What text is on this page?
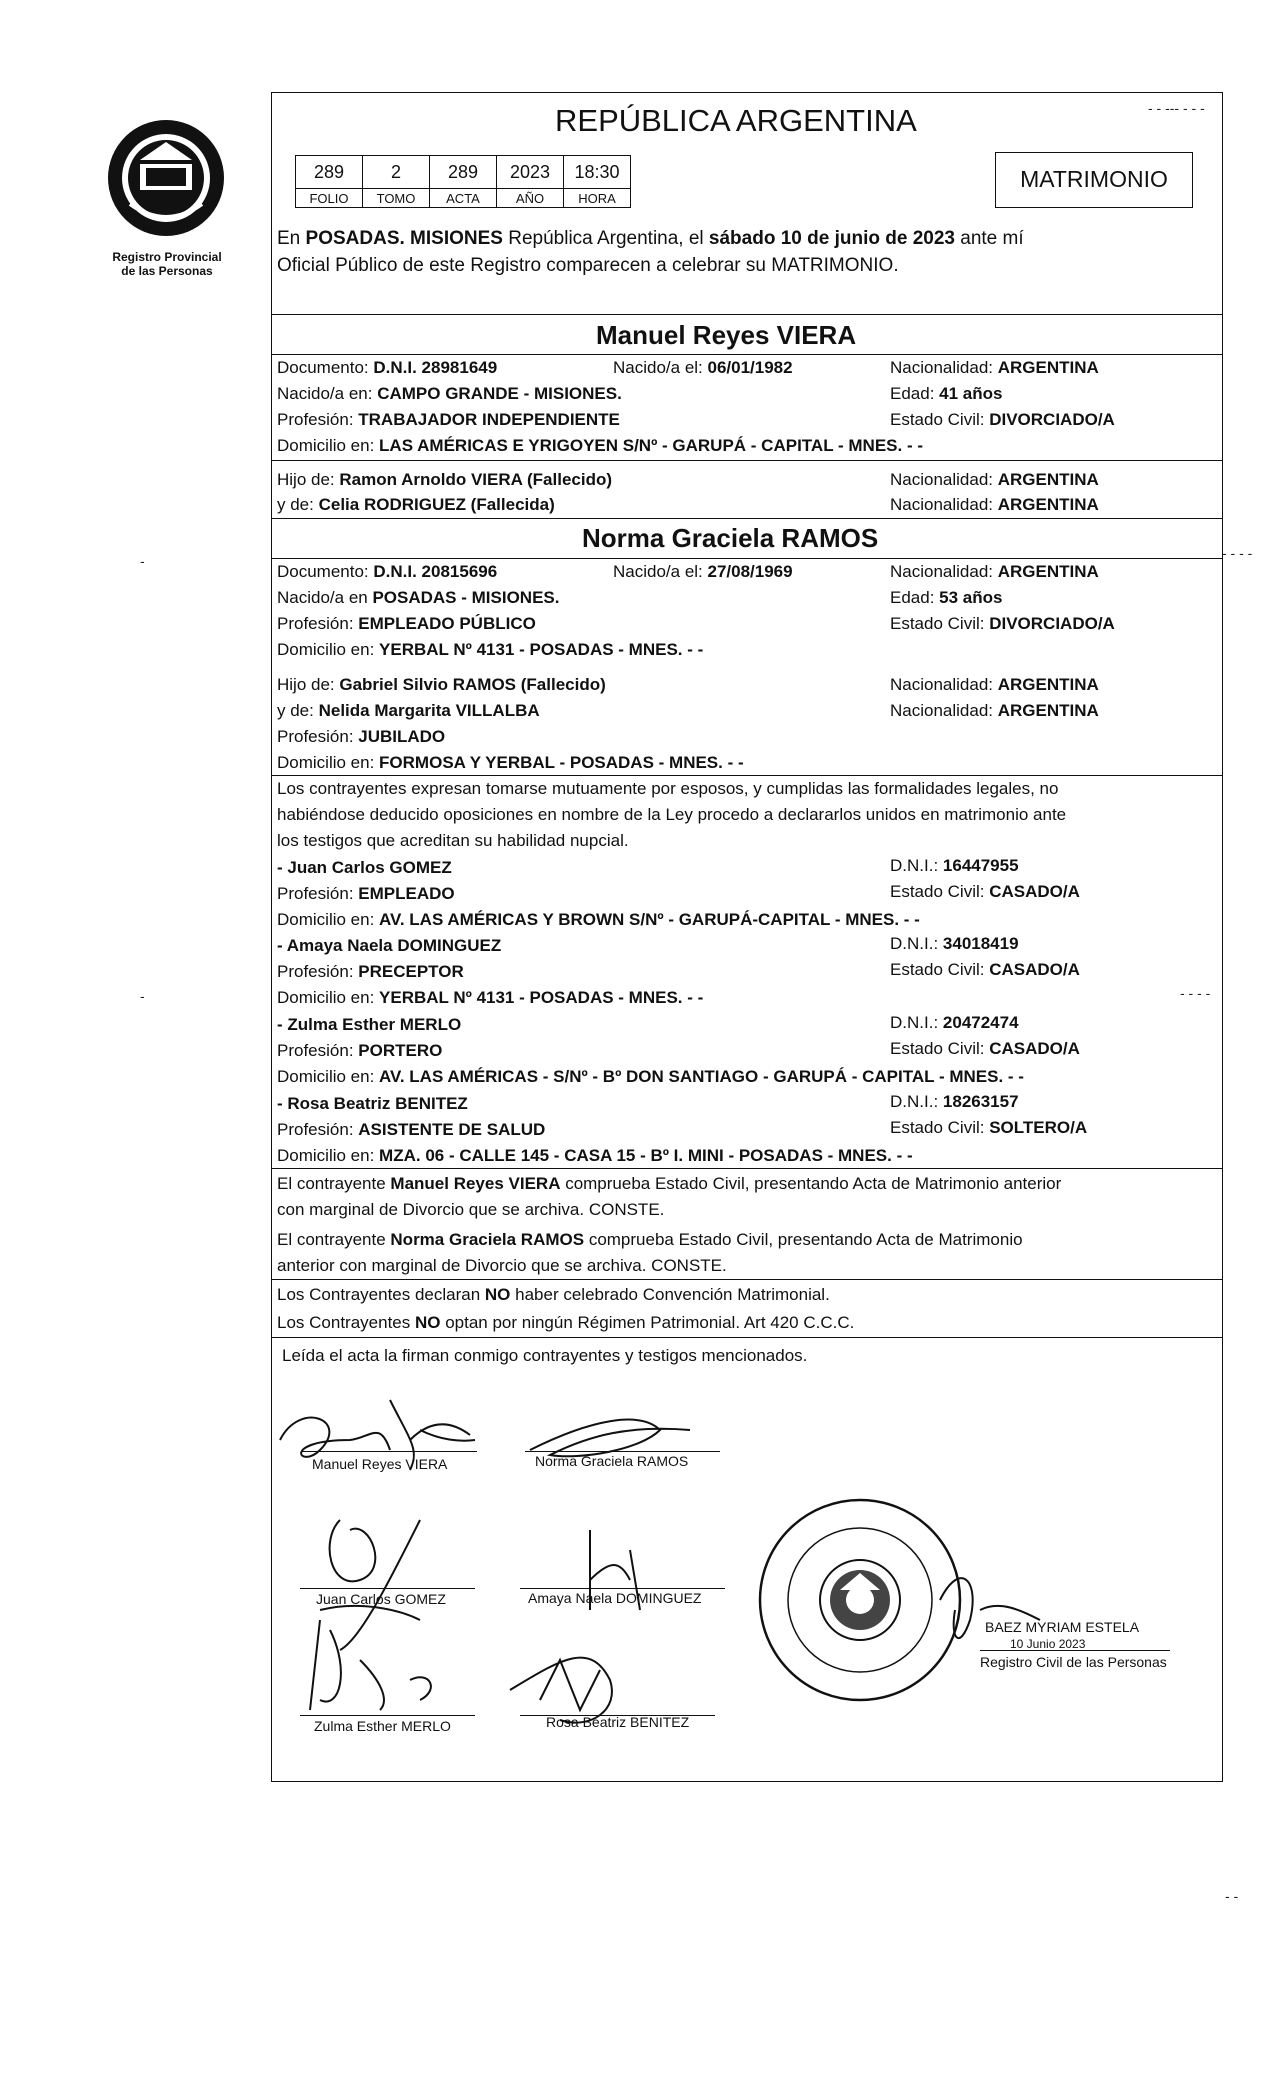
Registro Provincial
de las Personas
- - --- - - -
- - - -
- - - -
-
-
- -
REPÚBLICA ARGENTINA
289	2	289	2023	18:30
FOLIO	TOMO	ACTA	AÑO	HORA
MATRIMONIO
En POSADAS. MISIONES República Argentina, el sábado 10 de junio de 2023 ante mí
Oficial Público de este Registro comparecen a celebrar su MATRIMONIO.
Manuel Reyes VIERA
Documento: D.N.I. 28981649	Nacido/a el: 06/01/1982	Nacionalidad: ARGENTINA
Nacido/a en: CAMPO GRANDE - MISIONES.	Edad: 41 años
Profesión: TRABAJADOR INDEPENDIENTE	Estado Civil: DIVORCIADO/A
Domicilio en: LAS AMÉRICAS E YRIGOYEN S/Nº - GARUPÁ - CAPITAL - MNES. - -
Hijo de: Ramon Arnoldo VIERA (Fallecido)	Nacionalidad: ARGENTINA
y de: Celia RODRIGUEZ (Fallecida)	Nacionalidad: ARGENTINA
Norma Graciela RAMOS
Documento: D.N.I. 20815696	Nacido/a el: 27/08/1969	Nacionalidad: ARGENTINA
Nacido/a en POSADAS - MISIONES.	Edad: 53 años
Profesión: EMPLEADO PÚBLICO	Estado Civil: DIVORCIADO/A
Domicilio en: YERBAL Nº 4131 - POSADAS - MNES. - -
Hijo de: Gabriel Silvio RAMOS (Fallecido)	Nacionalidad: ARGENTINA
y de: Nelida Margarita VILLALBA	Nacionalidad: ARGENTINA
Profesión: JUBILADO
Domicilio en: FORMOSA Y YERBAL - POSADAS - MNES. - -
Los contrayentes expresan tomarse mutuamente por esposos, y cumplidas las formalidades legales, no
habiéndose deducido oposiciones en nombre de la Ley procedo a declararlos unidos en matrimonio ante
los testigos que acreditan su habilidad nupcial.
- Juan Carlos GOMEZ	D.N.I.: 16447955
Profesión: EMPLEADO	Estado Civil: CASADO/A
Domicilio en: AV. LAS AMÉRICAS Y BROWN S/Nº - GARUPÁ-CAPITAL - MNES. - -
- Amaya Naela DOMINGUEZ	D.N.I.: 34018419
Profesión: PRECEPTOR	Estado Civil: CASADO/A
Domicilio en: YERBAL Nº 4131 - POSADAS - MNES. - -
- Zulma Esther MERLO	D.N.I.: 20472474
Profesión: PORTERO	Estado Civil: CASADO/A
Domicilio en: AV. LAS AMÉRICAS - S/Nº - Bº DON SANTIAGO - GARUPÁ - CAPITAL - MNES. - -
- Rosa Beatriz BENITEZ	D.N.I.: 18263157
Profesión: ASISTENTE DE SALUD	Estado Civil: SOLTERO/A
Domicilio en: MZA. 06 - CALLE 145 - CASA 15 - Bº I. MINI - POSADAS - MNES. - -
El contrayente Manuel Reyes VIERA comprueba Estado Civil, presentando Acta de Matrimonio anterior
con marginal de Divorcio que se archiva. CONSTE.
El contrayente Norma Graciela RAMOS comprueba Estado Civil, presentando Acta de Matrimonio
anterior con marginal de Divorcio que se archiva. CONSTE.
Los Contrayentes declaran NO haber celebrado Convención Matrimonial.
Los Contrayentes NO optan por ningún Régimen Patrimonial. Art 420 C.C.C.
Leída el acta la firman conmigo contrayentes y testigos mencionados.
Manuel Reyes VIERA	Norma Graciela RAMOS
Juan Carlos GOMEZ	Amaya Naela DOMINGUEZ
Zulma Esther MERLO	Rosa Beatriz BENITEZ
BAEZ MYRIAM ESTELA
10 Junio 2023
Registro Civil de las Personas
